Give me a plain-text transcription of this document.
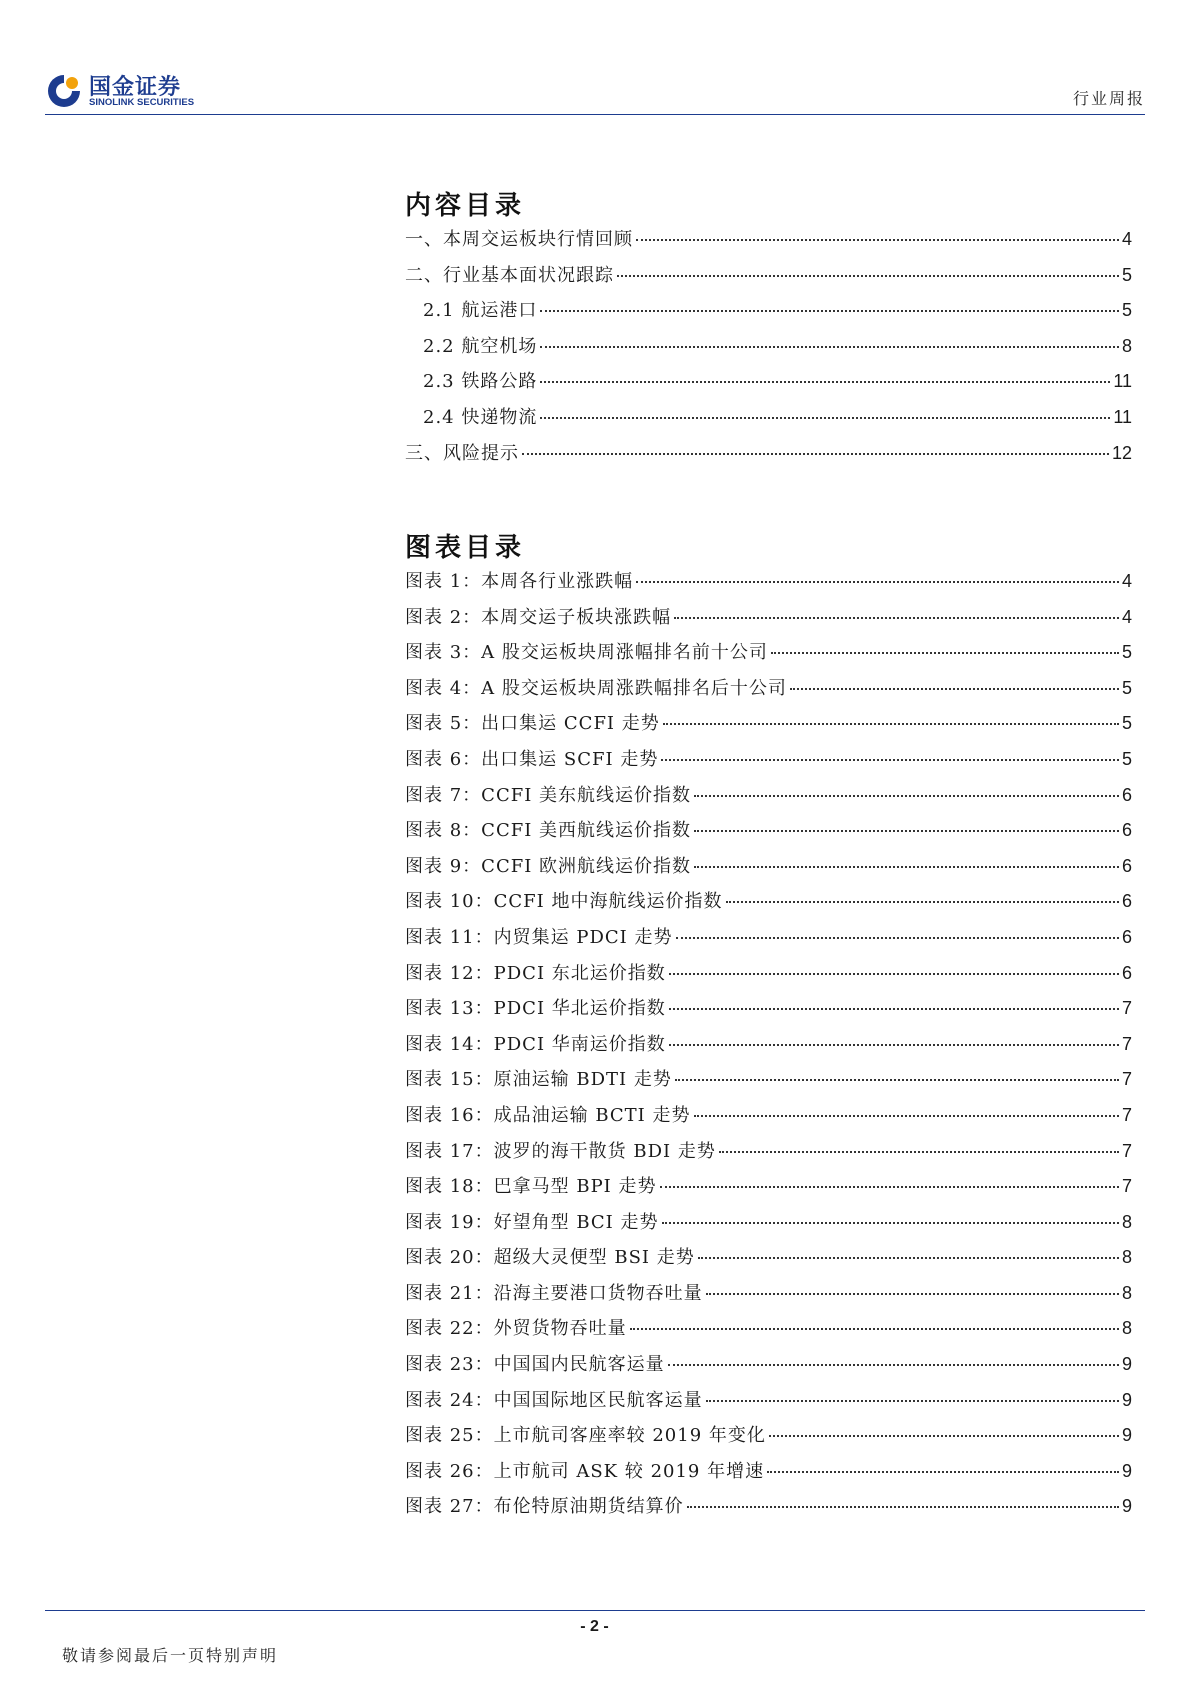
国金证券
SINOLINK SECURITIES	行业周报
内容目录
一、本周交运板块行情回顾	4
二、行业基本面状况跟踪	5
2.1 航运港口	5
2.2 航空机场	8
2.3 铁路公路	11
2.4 快递物流	11
三、风险提示	12
图表目录
图表 1：本周各行业涨跌幅	4
图表 2：本周交运子板块涨跌幅	4
图表 3：A 股交运板块周涨幅排名前十公司	5
图表 4：A 股交运板块周涨跌幅排名后十公司	5
图表 5：出口集运 CCFI 走势	5
图表 6：出口集运 SCFI 走势	5
图表 7：CCFI 美东航线运价指数	6
图表 8：CCFI 美西航线运价指数	6
图表 9：CCFI 欧洲航线运价指数	6
图表 10：CCFI 地中海航线运价指数	6
图表 11：内贸集运 PDCI 走势	6
图表 12：PDCI 东北运价指数	6
图表 13：PDCI 华北运价指数	7
图表 14：PDCI 华南运价指数	7
图表 15：原油运输 BDTI 走势	7
图表 16：成品油运输 BCTI 走势	7
图表 17：波罗的海干散货 BDI 走势	7
图表 18：巴拿马型 BPI 走势	7
图表 19：好望角型 BCI 走势	8
图表 20：超级大灵便型 BSI 走势	8
图表 21：沿海主要港口货物吞吐量	8
图表 22：外贸货物吞吐量	8
图表 23：中国国内民航客运量	9
图表 24：中国国际地区民航客运量	9
图表 25：上市航司客座率较 2019 年变化	9
图表 26：上市航司 ASK 较 2019 年增速	9
图表 27：布伦特原油期货结算价	9
- 2 -
敬请参阅最后一页特别声明
